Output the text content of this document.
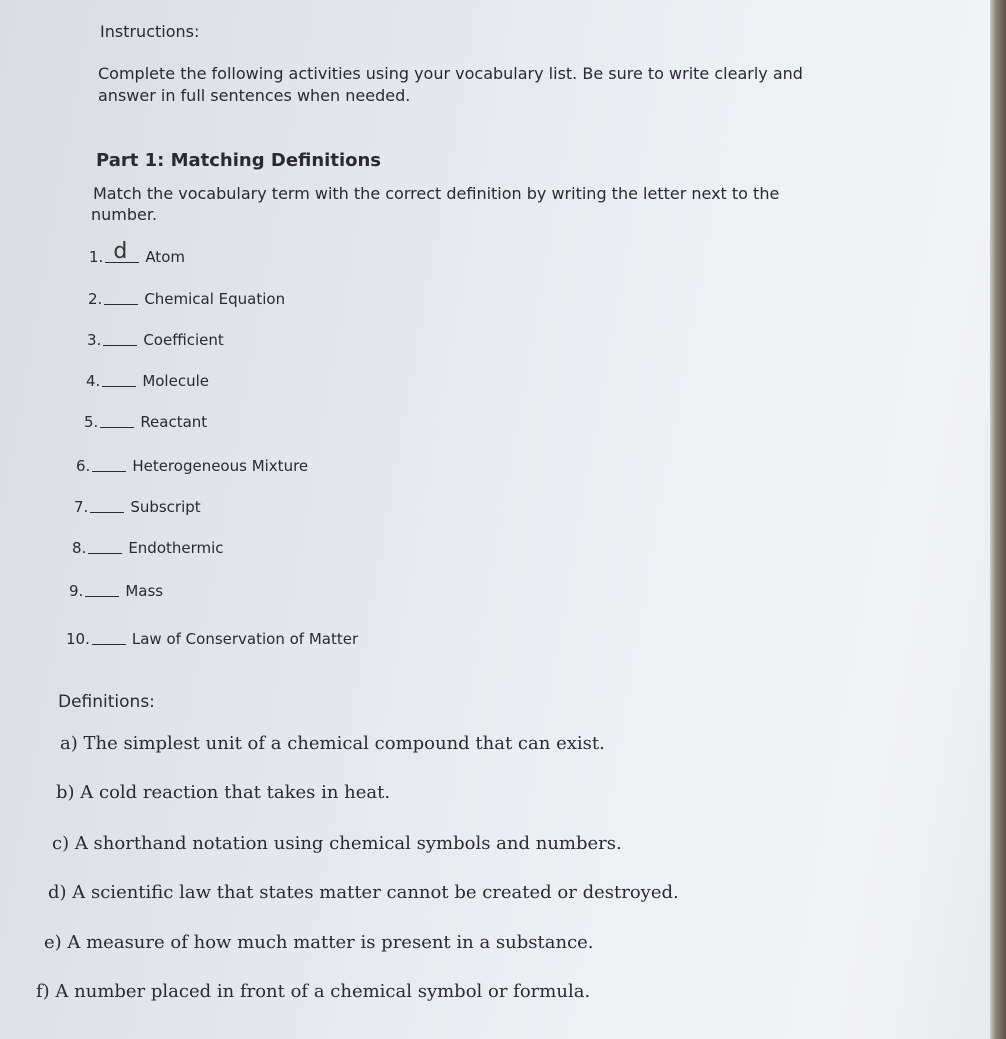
Instructions:

Complete the following activities using your vocabulary list. Be sure to write clearly and

answer in full sentences when needed.

Part 1: Matching Definitions

Match the vocabulary term with the correct definition by writing the letter next to the

number.

1. d Atom
2.	Chemical Equation
3.	Coefficient
4.	Molecule
5.	Reactant
6.	Heterogeneous Mixture
7.	Subscript
8.	Endothermic
9.	Mass
10.	Law of Conservation of Matter

Definitions:

a) The simplest unit of a chemical compound that can exist.

b) A cold reaction that takes in heat.

c) A shorthand notation using chemical symbols and numbers.

d) A scientific law that states matter cannot be created or destroyed.

e) A measure of how much matter is present in a substance.

f) A number placed in front of a chemical symbol or formula.
